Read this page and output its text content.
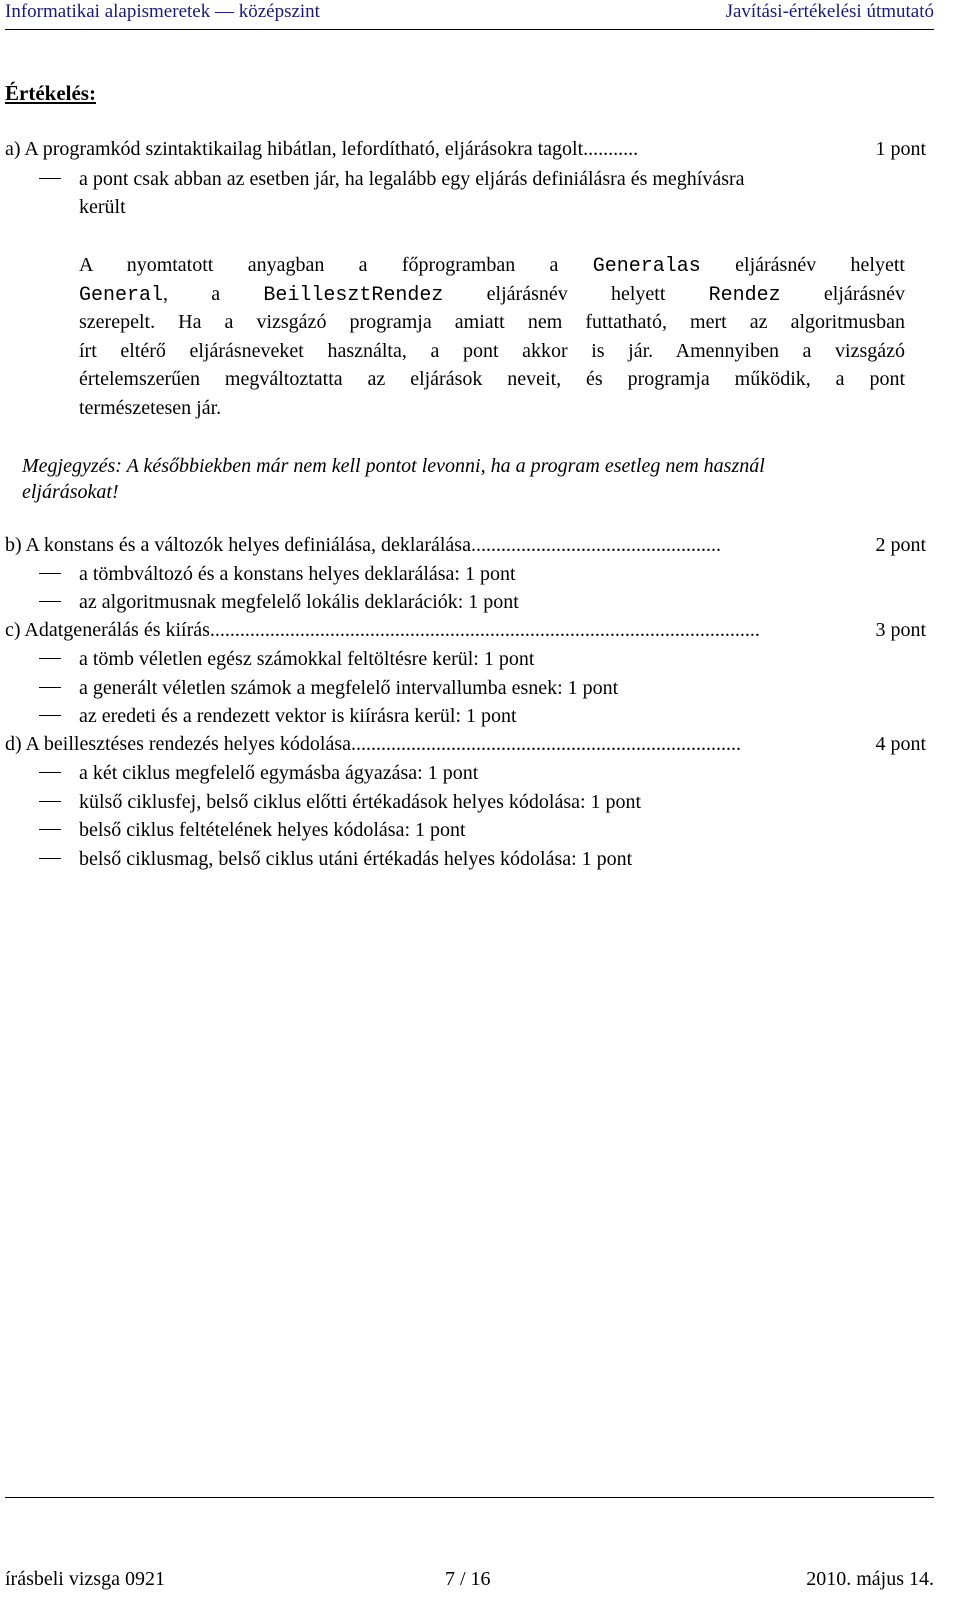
Informatikai alapismeretek — középszint	Javítási-értékelési útmutató
Értékelés:
a) A programkód szintaktikailag hibátlan, lefordítható, eljárásokra tagolt ...........	1 pont
a pont csak abban az esetben jár, ha legalább egy eljárás definiálásra és meghívásra
került
A nyomtatott anyagban a főprogramban a Generalas eljárásnév helyett
General, a BeillesztRendez eljárásnév helyett Rendez eljárásnév
szerepelt. Ha a vizsgázó programja amiatt nem futtatható, mert az algoritmusban
írt eltérő eljárásneveket használta, a pont akkor is jár. Amennyiben a vizsgázó
értelemszerűen megváltoztatta az eljárások neveit, és programja működik, a pont
természetesen jár.
Megjegyzés: A későbbiekben már nem kell pontot levonni, ha a program esetleg nem használ
eljárásokat!
b) A konstans és a változók helyes definiálása, deklarálása ..................................................	2 pont
a tömbváltozó és a konstans helyes deklarálása: 1 pont
az algoritmusnak megfelelő lokális deklarációk: 1 pont
c) Adatgenerálás és kiírás ..............................................................................................................	3 pont
a tömb véletlen egész számokkal feltöltésre kerül: 1 pont
a generált véletlen számok a megfelelő intervallumba esnek: 1 pont
az eredeti és a rendezett vektor is kiírásra kerül: 1 pont
d) A beillesztéses rendezés helyes kódolása ..............................................................................	4 pont
a két ciklus megfelelő egymásba ágyazása: 1 pont
külső ciklusfej, belső ciklus előtti értékadások helyes kódolása: 1 pont
belső ciklus feltételének helyes kódolása: 1 pont
belső ciklusmag, belső ciklus utáni értékadás helyes kódolása: 1 pont
írásbeli vizsga 0921	7 / 16	2010. május 14.
